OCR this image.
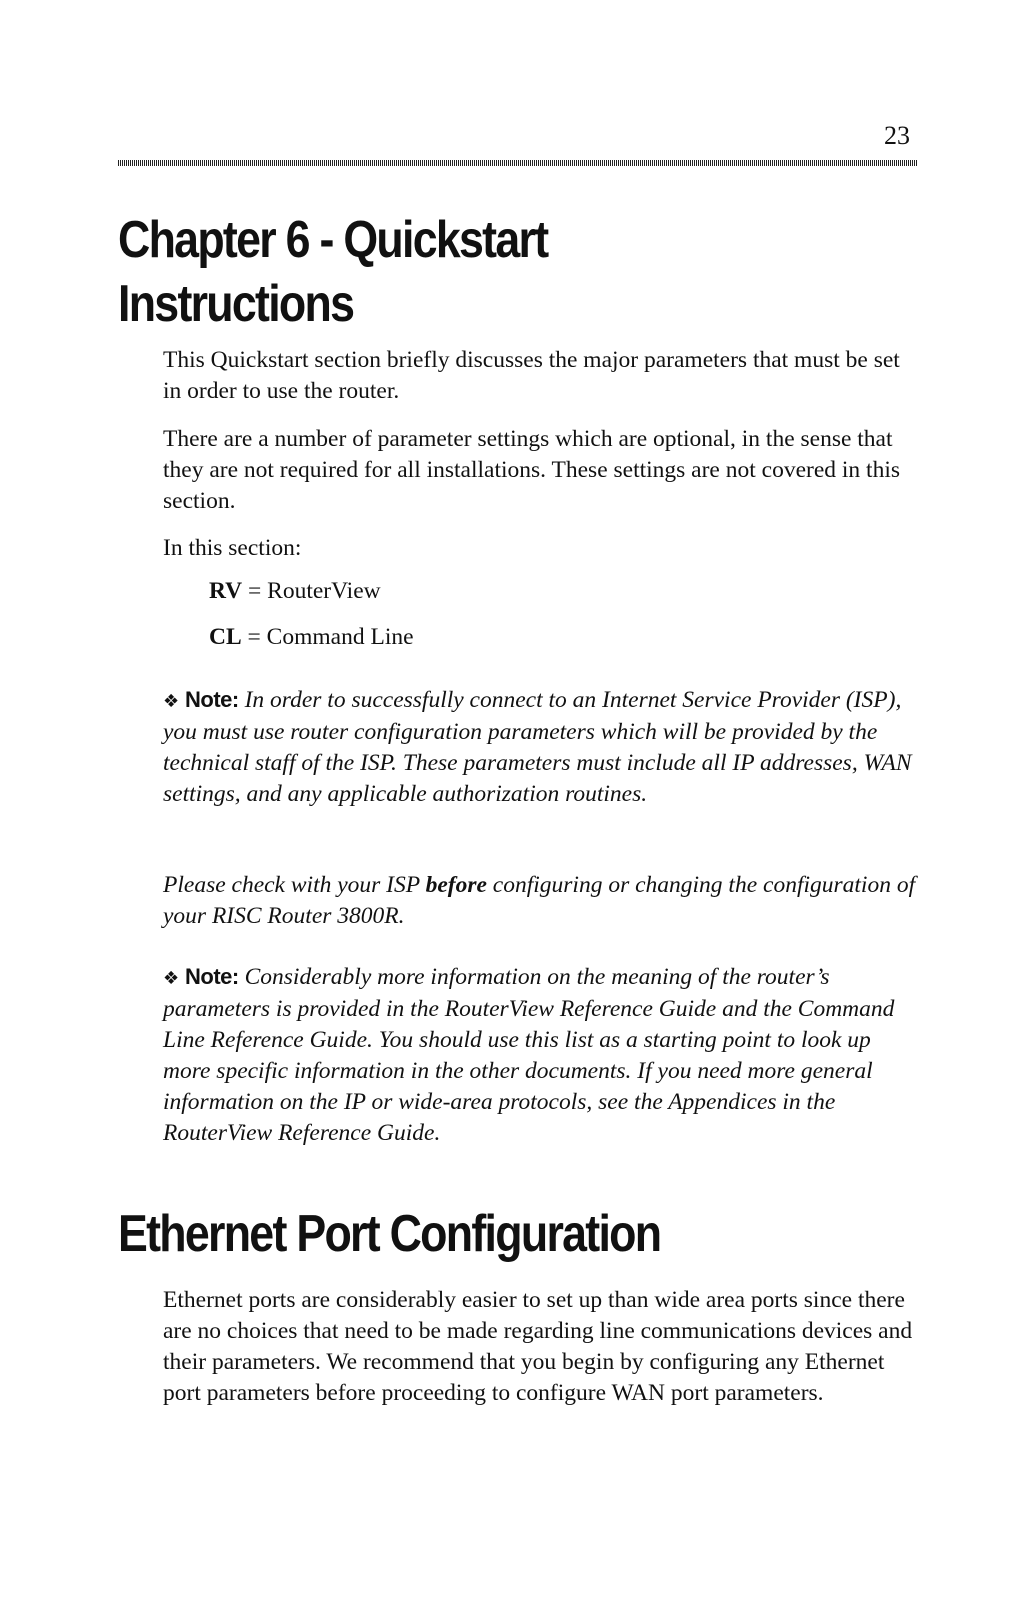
23
Chapter 6 - Quickstart
Instructions
This Quickstart section briefly discusses the major parameters that must be set in order to use the router.
There are a number of parameter settings which are optional, in the sense that they are not required for all installations. These settings are not covered in this section.
In this section:
RV = RouterView
CL = Command Line
❖ Note: In order to successfully connect to an Internet Service Provider (ISP), you must use router configuration parameters which will be provided by the technical staff of the ISP. These parameters must include all IP addresses, WAN settings, and any applicable authorization routines.
Please check with your ISP before configuring or changing the configuration of your RISC Router 3800R.
❖ Note: Considerably more information on the meaning of the router’s parameters is provided in the RouterView Reference Guide and the Command Line Reference Guide. You should use this list as a starting point to look up more specific information in the other documents. If you need more general information on the IP or wide-area protocols, see the Appendices in the RouterView Reference Guide.
Ethernet Port Configuration
Ethernet ports are considerably easier to set up than wide area ports since there are no choices that need to be made regarding line communications devices and their parameters. We recommend that you begin by configuring any Ethernet port parameters before proceeding to configure WAN port parameters.
